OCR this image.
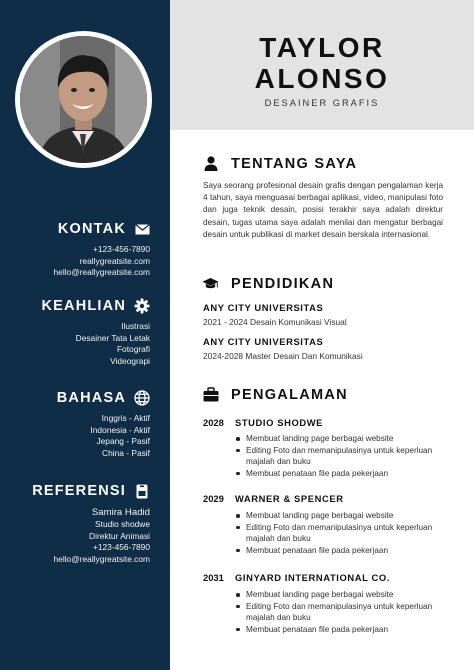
KONTAK
+123-456-7890
reallygreatsite.com
hello@reallygreatsite.com
KEAHLIAN
Ilustrasi
Desainer Tata Letak
Fotografi
Videograpi
BAHASA
Inggris - Aktif
Indonesia - Aktif
Jepang - Pasif
China - Pasif
REFERENSI
Samira Hadid
Studio shodwe
Direktur Animasi
+123-456-7890
hello@reallygreatsite.com
TAYLOR
ALONSO
DESAINER GRAFIS
TENTANG SAYA
Saya seorang profesional desain grafis dengan pengalaman kerja 4 tahun, saya menguasai berbagai aplikasi, video, manipulasi foto dan juga teknik desain, posisi terakhir saya adalah direktur desain, tugas utama saya adalah menilai dan mengatur berbagai desain untuk publikasi di market desain berskala internasional.
PENDIDIKAN
ANY CITY UNIVERSITAS
2021 - 2024 Desain Komunikasi Visual
ANY CITY UNIVERSITAS
2024-2028 Master Desain Dan Komunikasi
PENGALAMAN
2028 STUDIO SHODWE
Membuat landing page berbagai website
Editing Foto dan memanipulasinya untuk keperluan majalah dan buku
Membuat penataan file pada pekerjaan
2029 WARNER & SPENCER
Membuat landing page berbagai website
Editing Foto dan memanipulasinya untuk keperluan majalah dan buku
Membuat penataan file pada pekerjaan
2031 GINYARD INTERNATIONAL CO.
Membuat landing page berbagai website
Editing Foto dan memanipulasinya untuk keperluan majalah dan buku
Membuat penataan file pada pekerjaan
